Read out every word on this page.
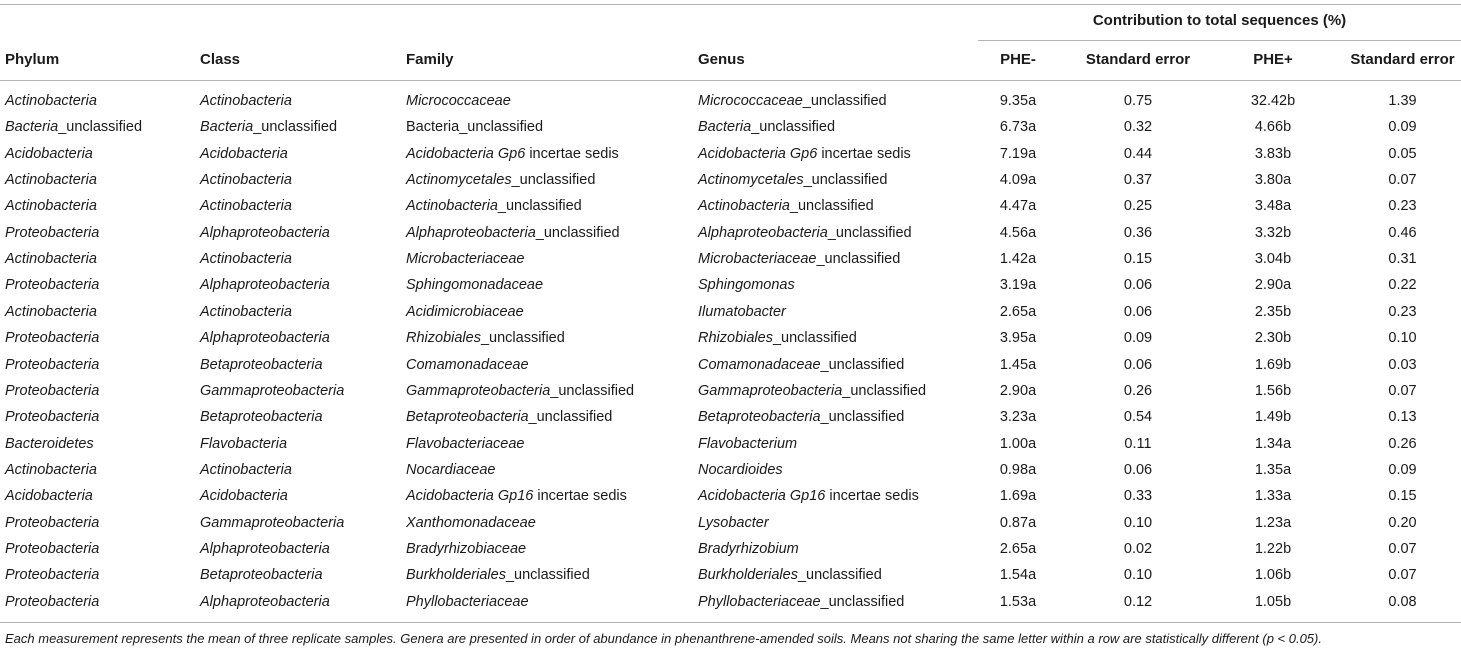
Contribution to total sequences (%)
Phylum	Class	Family	Genus	PHE-	Standard error	PHE+	Standard error
Actinobacteria	Actinobacteria	Micrococcaceae	Micrococcaceae_unclassified	9.35a	0.75	32.42b	1.39
Bacteria_unclassified	Bacteria_unclassified	Bacteria_unclassified	Bacteria_unclassified	6.73a	0.32	4.66b	0.09
Acidobacteria	Acidobacteria	Acidobacteria Gp6 incertae sedis	Acidobacteria Gp6 incertae sedis	7.19a	0.44	3.83b	0.05
Actinobacteria	Actinobacteria	Actinomycetales_unclassified	Actinomycetales_unclassified	4.09a	0.37	3.80a	0.07
Actinobacteria	Actinobacteria	Actinobacteria_unclassified	Actinobacteria_unclassified	4.47a	0.25	3.48a	0.23
Proteobacteria	Alphaproteobacteria	Alphaproteobacteria_unclassified	Alphaproteobacteria_unclassified	4.56a	0.36	3.32b	0.46
Actinobacteria	Actinobacteria	Microbacteriaceae	Microbacteriaceae_unclassified	1.42a	0.15	3.04b	0.31
Proteobacteria	Alphaproteobacteria	Sphingomonadaceae	Sphingomonas	3.19a	0.06	2.90a	0.22
Actinobacteria	Actinobacteria	Acidimicrobiaceae	Ilumatobacter	2.65a	0.06	2.35b	0.23
Proteobacteria	Alphaproteobacteria	Rhizobiales_unclassified	Rhizobiales_unclassified	3.95a	0.09	2.30b	0.10
Proteobacteria	Betaproteobacteria	Comamonadaceae	Comamonadaceae_unclassified	1.45a	0.06	1.69b	0.03
Proteobacteria	Gammaproteobacteria	Gammaproteobacteria_unclassified	Gammaproteobacteria_unclassified	2.90a	0.26	1.56b	0.07
Proteobacteria	Betaproteobacteria	Betaproteobacteria_unclassified	Betaproteobacteria_unclassified	3.23a	0.54	1.49b	0.13
Bacteroidetes	Flavobacteria	Flavobacteriaceae	Flavobacterium	1.00a	0.11	1.34a	0.26
Actinobacteria	Actinobacteria	Nocardiaceae	Nocardioides	0.98a	0.06	1.35a	0.09
Acidobacteria	Acidobacteria	Acidobacteria Gp16 incertae sedis	Acidobacteria Gp16 incertae sedis	1.69a	0.33	1.33a	0.15
Proteobacteria	Gammaproteobacteria	Xanthomonadaceae	Lysobacter	0.87a	0.10	1.23a	0.20
Proteobacteria	Alphaproteobacteria	Bradyrhizobiaceae	Bradyrhizobium	2.65a	0.02	1.22b	0.07
Proteobacteria	Betaproteobacteria	Burkholderiales_unclassified	Burkholderiales_unclassified	1.54a	0.10	1.06b	0.07
Proteobacteria	Alphaproteobacteria	Phyllobacteriaceae	Phyllobacteriaceae_unclassified	1.53a	0.12	1.05b	0.08
Each measurement represents the mean of three replicate samples. Genera are presented in order of abundance in phenanthrene-amended soils. Means not sharing the same letter within a row are statistically different (p < 0.05).
